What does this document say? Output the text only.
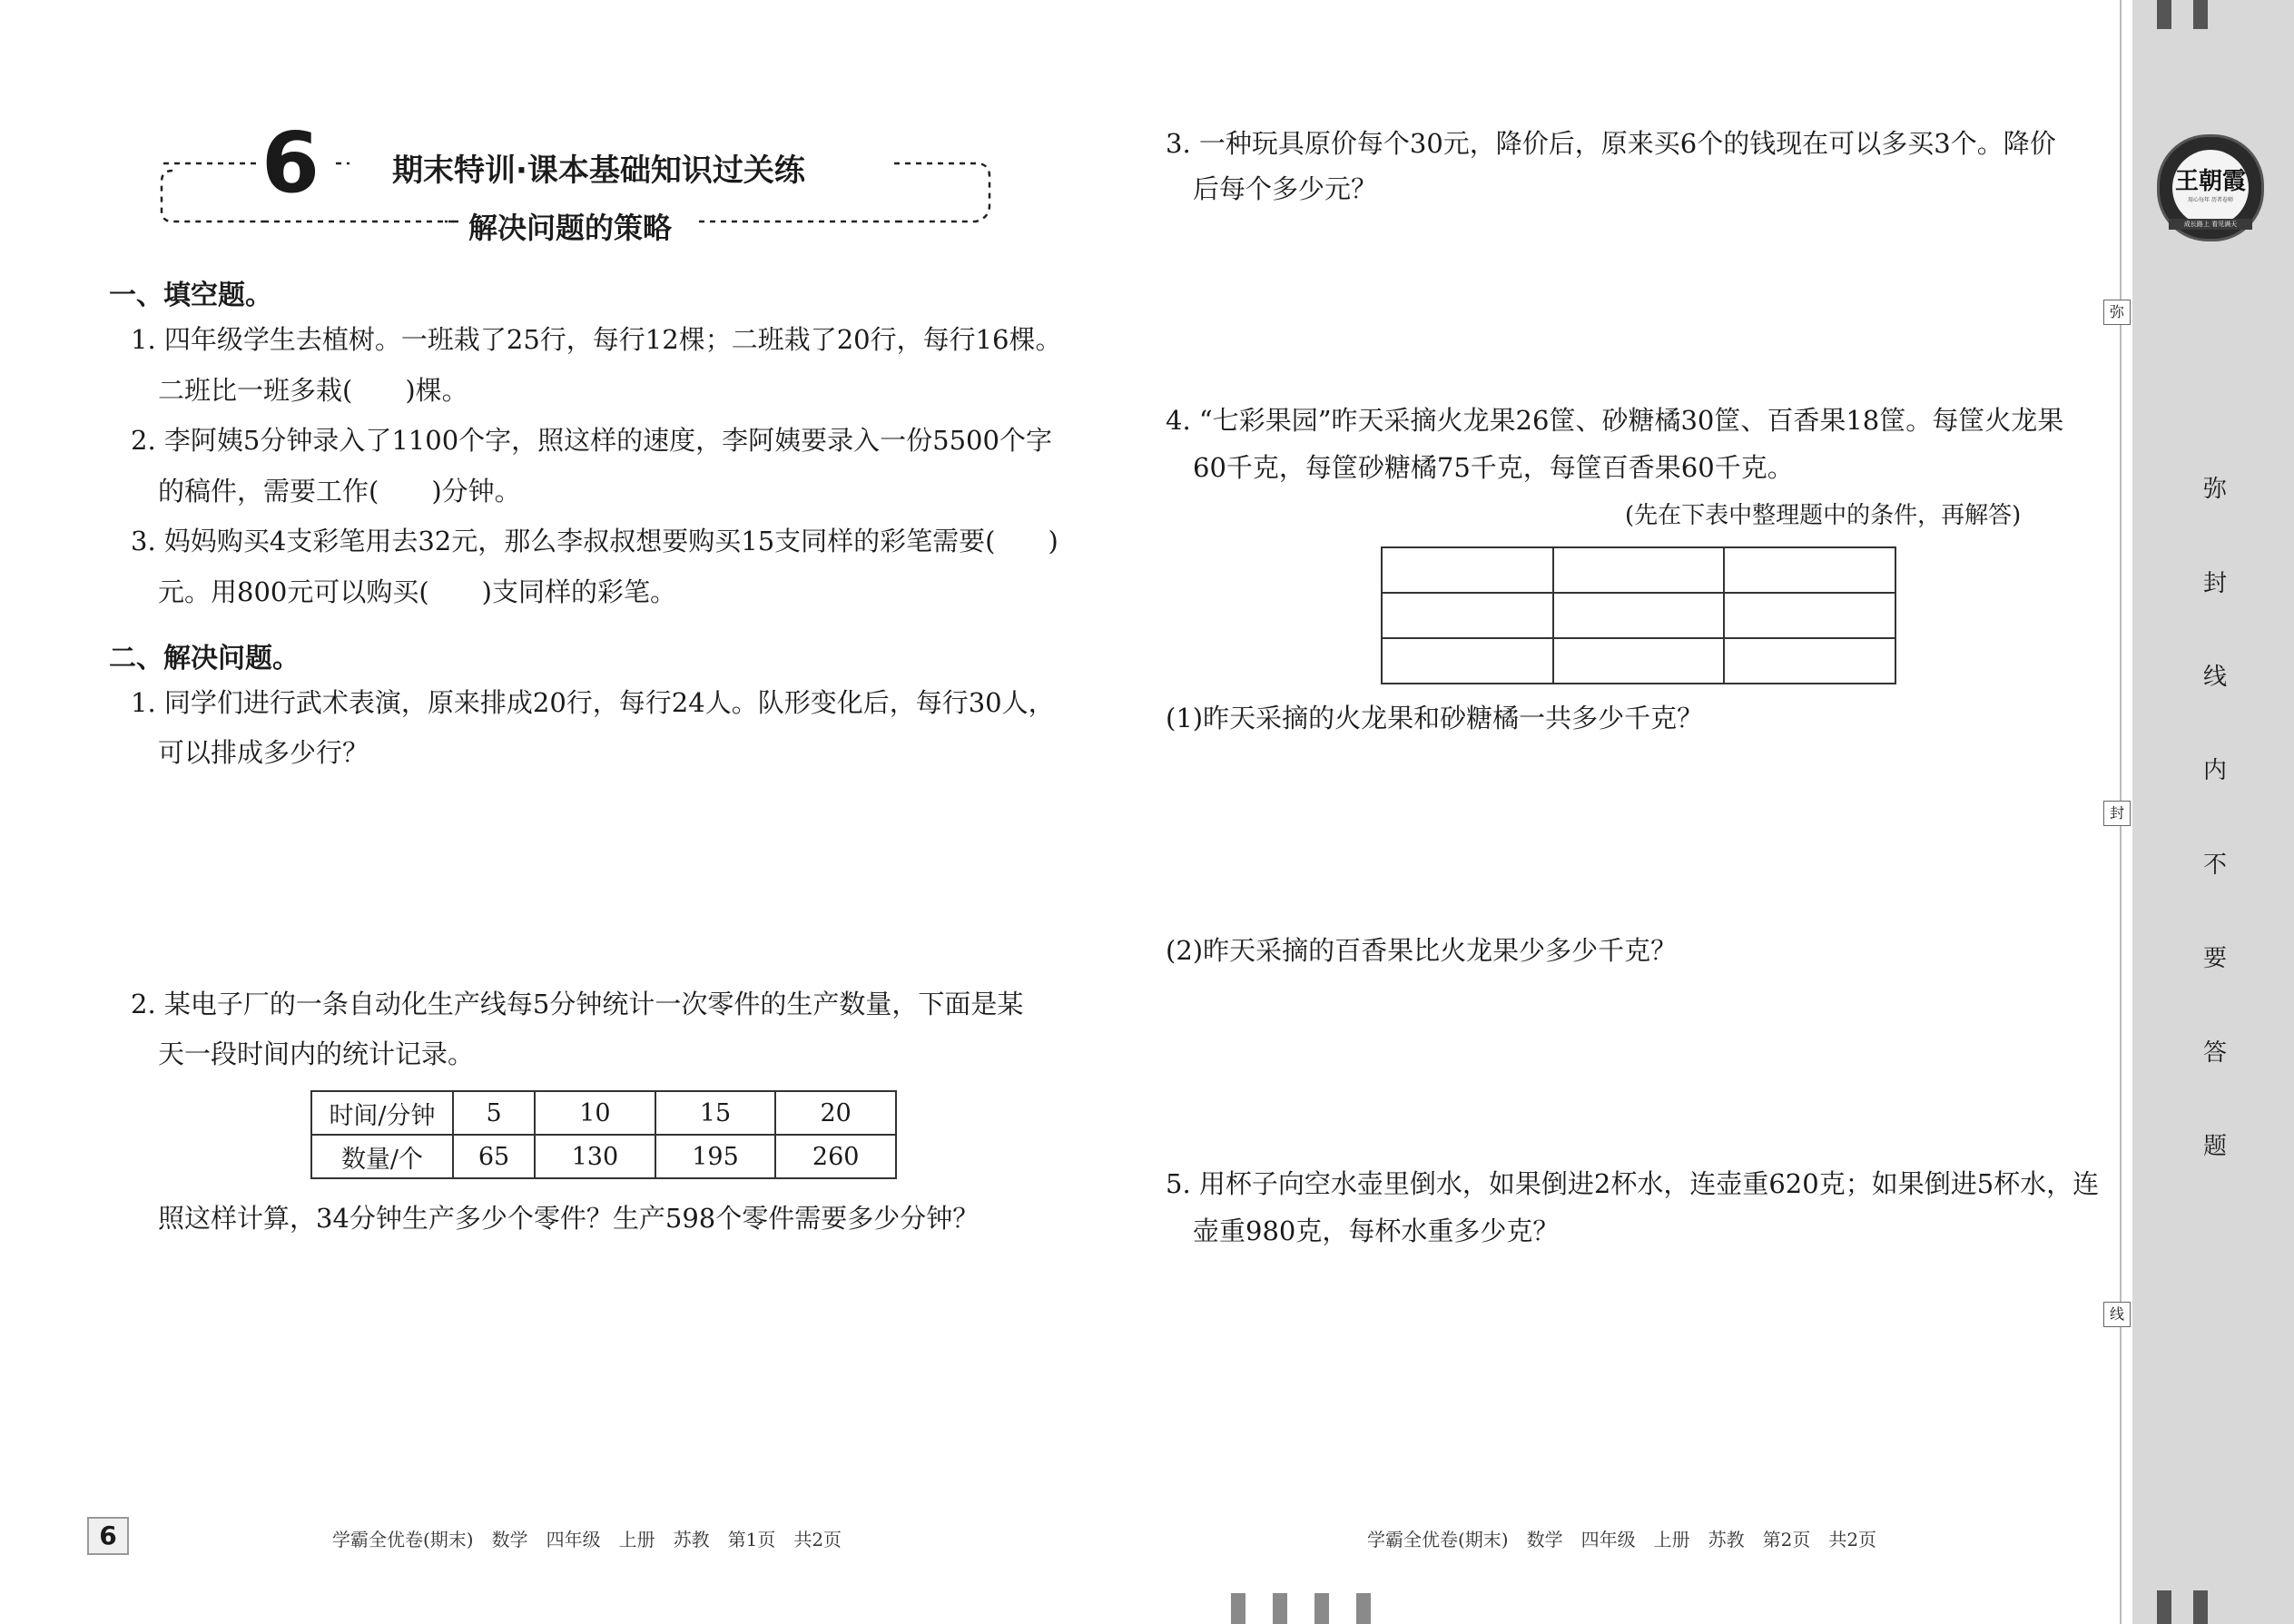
6 期末特训·课本基础知识过关练
解决问题的策略
一、填空题。
1. 四年级学生去植树。一班栽了25行，每行12棵；二班栽了20行，每行16棵。
二班比一班多栽(　　)棵。
2. 李阿姨5分钟录入了1100个字，照这样的速度，李阿姨要录入一份5500个字
的稿件，需要工作(　　)分钟。
3. 妈妈购买4支彩笔用去32元，那么李叔叔想要购买15支同样的彩笔需要(　　)
元。用800元可以购买(　　)支同样的彩笔。
二、解决问题。
1. 同学们进行武术表演，原来排成20行，每行24人。队形变化后，每行30人，
可以排成多少行？
2. 某电子厂的一条自动化生产线每5分钟统计一次零件的生产数量，下面是某
天一段时间内的统计记录。
时间/分钟	5	10	15	20
数量/个	65	130	195	260
照这样计算，34分钟生产多少个零件？生产598个零件需要多少分钟？
3. 一种玩具原价每个30元，降价后，原来买6个的钱现在可以多买3个。降价
后每个多少元？
4. “七彩果园”昨天采摘火龙果26筐、砂糖橘30筐、百香果18筐。每筐火龙果
60千克，每筐砂糖橘75千克，每筐百香果60千克。
(先在下表中整理题中的条件，再解答)

(1)昨天采摘的火龙果和砂糖橘一共多少千克？
(2)昨天采摘的百香果比火龙果少多少千克？
5. 用杯子向空水壶里倒水，如果倒进2杯水，连壶重620克；如果倒进5杯水，连
壶重980克，每杯水重多少克？
6	学霸全优卷(期末)　数学　四年级　上册　苏教　第1页　共2页	学霸全优卷(期末)　数学　四年级　上册　苏教　第2页　共2页
王朝霞
用心每年 历者卷师
成长路上 看见满天
弥
封
线
内
不
要
答
题
弥
封
线
